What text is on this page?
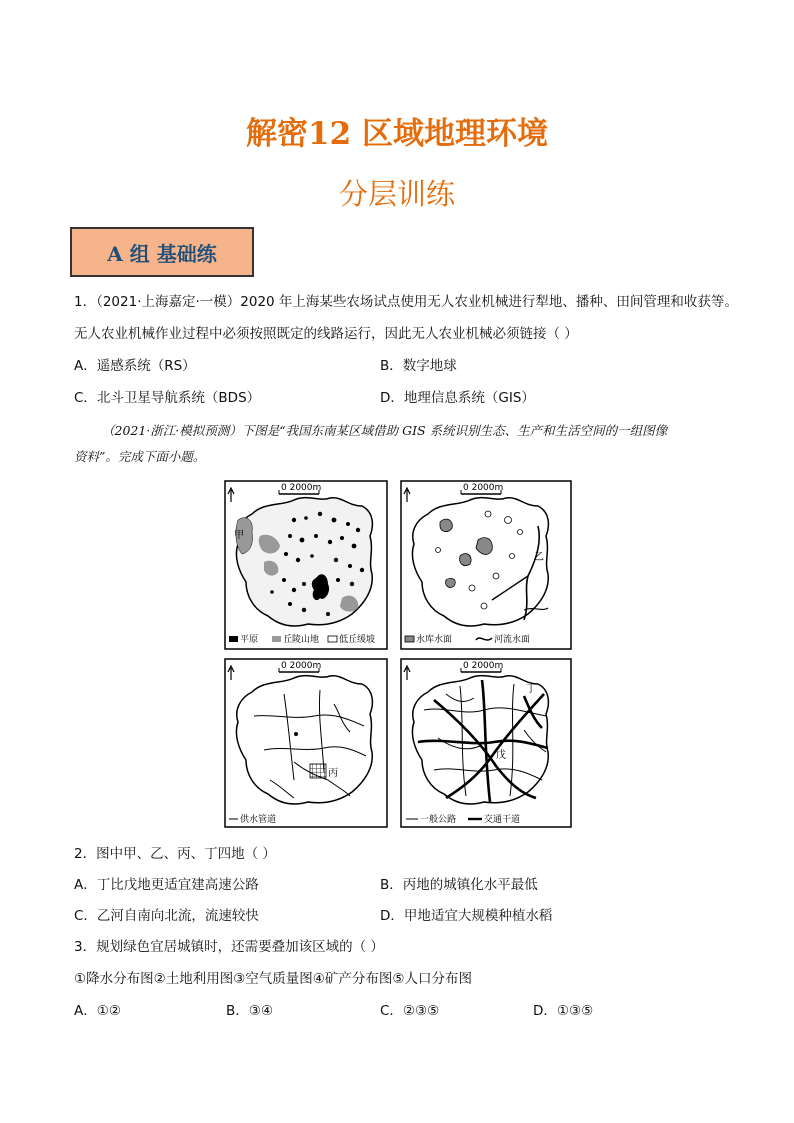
解密12 区域地理环境
分层训练
A 组 基础练
1．（2021·上海嘉定·一模）2020 年上海某些农场试点使用无人农业机械进行犁地、播种、田间管理和收获等。
无人农业机械作业过程中必须按照既定的线路运行，因此无人农业机械必须链接（ ）
A．遥感系统（RS）	B．数字地球
C．北斗卫星导航系统（BDS）	D．地理信息系统（GIS）
（2021·浙江·模拟预测）下图是“我国东南某区域借助 GIS 系统识别生态、生产和生活空间的一组图像
资料”。完成下面小题。
0 2000m
甲
平原	丘陵山地 低丘缓坡
0 2000m
乙
水库水面	河流水面
0 2000m
丙
供水管道
0 2000m
丁
戊
一般公路	交通干道
2．图中甲、乙、丙、丁四地（ ）
A．丁比戊地更适宜建高速公路	B．丙地的城镇化水平最低
C．乙河自南向北流，流速较快	D．甲地适宜大规模种植水稻
3．规划绿色宜居城镇时，还需要叠加该区域的（ ）
①降水分布图②土地利用图③空气质量图④矿产分布图⑤人口分布图
A．①②	B．③④	C．②③⑤	D．①③⑤
